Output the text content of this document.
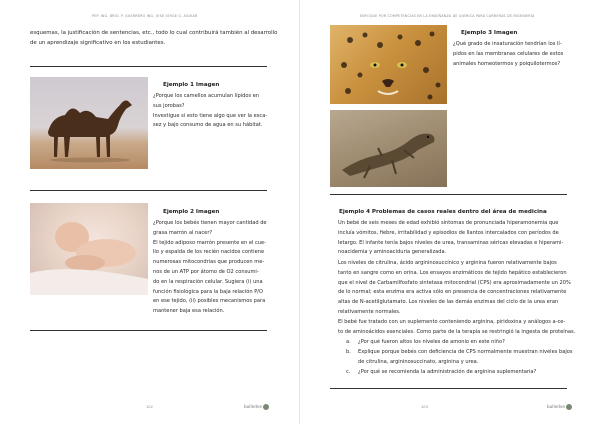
PEP. ING. BRIO. P. GUERRERO ING. JOSE JORGE G. AGUIAR
esquemas, la justificación de sentencias, etc., todo lo cual contribuirá también al desarrollo
de un aprendizaje significativo en los estudiantes.
Ejemplo 1 Imagen
¿Porque los camellos acumulan lípidos en
sus jorobas?
Investigue si esto tiene algo que ver la esca-
sez y bajo consumo de agua en su hábitat.
Ejemplo 2 Imagen
¿Porque los bebés tienen mayor cantidad de
grasa marrón al nacer?
El tejido adiposo marrón presente en el cue-
llo y espalda de los recién nacidos contiene
numerosas mitocondrias que producen me-
nos de un ATP por átomo de O2 consumi-
do en la respiración celular. Sugiera (i) una
función fisiológica para la baja relación P/O
en ese tejido, (ii) posibles mecanismos para
mantener baja esa relación.
102	bulledve
ENFOQUE POR COMPETENCIAS EN LA ENSEÑANZA DE QUÍMICA PARA CARRERAS DE INGENIERÍA
Ejemplo 3 Imagen
¿Qué grado de insaturación tendrían los lí-
pidos en las membranas celulares de estos
animales homeotermos y poiquilotermos?
Ejemplo 4 Problemas de casos reales dentro del área de medicina
Un bebé de seis meses de edad exhibió síntomas de pronunciada hiperamonemia que
incluía vómitos, fiebre, irritabilidad y episodios de llantos intercalados con períodos de
letargo. El infante tenía bajos niveles de urea, transaminas séricas elevadas e hiperami-
noacidemia y aminoaciduria generalizada.
Los niveles de citrulina, ácido argininosuccínico y arginina fueron relativamente bajos
tanto en sangre como en orina. Los ensayos enzimáticos de tejido hepático establecieron
que el nivel de Carbamilfosfato sintetasa mitocondrial (CPS) era aproximadamente un 20%
de lo normal; esta enzima era activa sólo en presencia de concentraciones relativamente
altas de N-acetilglutamato. Los niveles de las demás enzimas del ciclo de la urea eran
relativamente normales.
El bebé fue tratado con un suplemento conteniendo arginina, piridoxina y análogos a-ce-
to de aminoácidos esenciales. Como parte de la terapia se restringió la ingesta de proteínas.
a. ¿Por qué fueron altos los niveles de amonio en este niño?
b. Explique porque bebés con deficiencia de CPS normalmente muestran niveles bajos
de citrulina, argininosuccinato, arginina y urea.
c. ¿Por qué se recomienda la administración de arginina suplementaria?
103	bulledve
